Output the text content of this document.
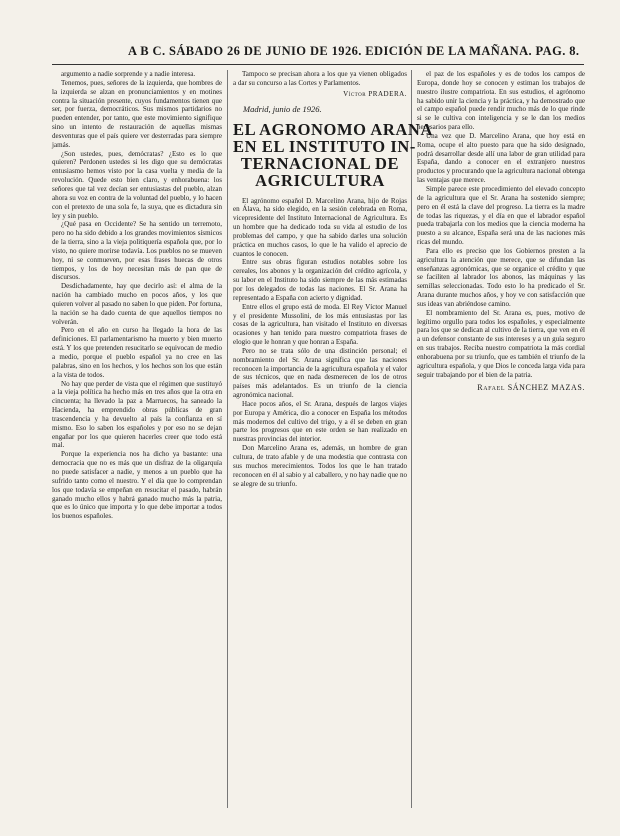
A B C. SÁBADO 26 DE JUNIO DE 1926. EDICIÓN DE LA MAÑANA. PAG. 8.

argumento a nadie sorprende y a nadie interesa.

Tenemos, pues, señores de la izquierda, que hombres de la izquierda se alzan en pronunciamientos y en motines contra la situación presente, cuyos fundamentos tienen que ser, por fuerza, democráticos. Sus mismos partidarios no pueden entender, por tanto, que este movimiento signifique sino un intento de restauración de aquellas mismas desventuras que el país quiere ver desterradas para siempre jamás.

¿Son ustedes, pues, demócratas? ¿Esto es lo que quieren? Perdonen ustedes si les digo que su demócratas entusiasmo hemos visto por la casa vuelta y media de la revolución. Quede esto bien claro, y enhorabuena: los señores que tal vez decían ser entusiastas del pueblo, alzan ahora su voz en contra de la voluntad del pueblo, y lo hacen con el pretexto de una sola fe, la suya, que es dictadura sin ley y sin pueblo.

¿Qué pasa en Occidente? Se ha sentido un terremoto, pero no ha sido debido a los grandes movimientos sísmicos de la tierra, sino a la vieja politiquería española que, por lo visto, no quiere morirse todavía. Los pueblos no se mueven hoy, ni se conmueven, por esas frases huecas de otros tiempos, y los de hoy necesitan más de pan que de discursos.

Desdichadamente, hay que decirlo así: el alma de la nación ha cambiado mucho en pocos años, y los que quieren volver al pasado no saben lo que piden. Por fortuna, la nación se ha dado cuenta de que aquellos tiempos no volverán.

Pero en el año en curso ha llegado la hora de las definiciones. El parlamentarismo ha muerto y bien muerto está. Y los que pretenden resucitarlo se equivocan de medio a medio, porque el pueblo español ya no cree en las palabras, sino en los hechos, y los hechos son los que están a la vista de todos.

No hay que perder de vista que el régimen que sustituyó a la vieja política ha hecho más en tres años que la otra en cincuenta; ha llevado la paz a Marruecos, ha saneado la Hacienda, ha emprendido obras públicas de gran trascendencia y ha devuelto al país la confianza en sí mismo. Eso lo saben los españoles y por eso no se dejan engañar por los que quieren hacerles creer que todo está mal.

Porque la experiencia nos ha dicho ya bastante: una democracia que no es más que un disfraz de la oligarquía no puede satisfacer a nadie, y menos a un pueblo que ha sufrido tanto como el nuestro. Y el día que lo comprendan los que todavía se empeñan en resucitar el pasado, habrán ganado mucho ellos y habrá ganado mucho más la patria, que es lo único que importa y lo que debe importar a todos los buenos españoles.

Tampoco se precisan ahora a los que ya vienen obligados a dar su concurso a las Cortes y Parlamentos.

Víctor PRADERA.
Madrid, junio de 1926.
EL AGRONOMO ARANA
EN EL INSTITUTO IN-
TERNACIONAL DE
AGRICULTURA

El agrónomo español D. Marcelino Arana, hijo de Rojas en Álava, ha sido elegido, en la sesión celebrada en Roma, vicepresidente del Instituto Internacional de Agricultura. Es un hombre que ha dedicado toda su vida al estudio de los problemas del campo, y que ha sabido darles una solución práctica en muchos casos, lo que le ha valido el aprecio de cuantos le conocen.

Entre sus obras figuran estudios notables sobre los cereales, los abonos y la organización del crédito agrícola, y su labor en el Instituto ha sido siempre de las más estimadas por los delegados de todas las naciones. El Sr. Arana ha representado a España con acierto y dignidad.

Entre ellos el grupo está de moda. El Rey Víctor Manuel y el presidente Mussolini, de los más entusiastas por las cosas de la agricultura, han visitado el Instituto en diversas ocasiones y han tenido para nuestro compatriota frases de elogio que le honran y que honran a España.

Pero no se trata sólo de una distinción personal; el nombramiento del Sr. Arana significa que las naciones reconocen la importancia de la agricultura española y el valor de sus técnicos, que en nada desmerecen de los de otros países más adelantados. Es un triunfo de la ciencia agronómica nacional.

Hace pocos años, el Sr. Arana, después de largos viajes por Europa y América, dio a conocer en España los métodos más modernos del cultivo del trigo, y a él se deben en gran parte los progresos que en este orden se han realizado en nuestras provincias del interior.

Don Marcelino Arana es, además, un hombre de gran cultura, de trato afable y de una modestia que contrasta con sus muchos merecimientos. Todos los que le han tratado reconocen en él al sabio y al caballero, y no hay nadie que no se alegre de su triunfo.

el paz de los españoles y es de todos los campos de Europa, donde hoy se conocen y estiman los trabajos de nuestro ilustre compatriota. En sus estudios, el agrónomo ha sabido unir la ciencia y la práctica, y ha demostrado que el campo español puede rendir mucho más de lo que rinde si se le cultiva con inteligencia y se le dan los medios necesarios para ello.

Una vez que D. Marcelino Arana, que hoy está en Roma, ocupe el alto puesto para que ha sido designado, podrá desarrollar desde allí una labor de gran utilidad para España, dando a conocer en el extranjero nuestros productos y procurando que la agricultura nacional obtenga las ventajas que merece.

Simple parece este procedimiento del elevado concepto de la agricultura que el Sr. Arana ha sostenido siempre; pero en él está la clave del progreso. La tierra es la madre de todas las riquezas, y el día en que el labrador español pueda trabajarla con los medios que la ciencia moderna ha puesto a su alcance, España será una de las naciones más ricas del mundo.

Para ello es preciso que los Gobiernos presten a la agricultura la atención que merece, que se difundan las enseñanzas agronómicas, que se organice el crédito y que se faciliten al labrador los abonos, las máquinas y las semillas seleccionadas. Todo esto lo ha predicado el Sr. Arana durante muchos años, y hoy ve con satisfacción que sus ideas van abriéndose camino.

El nombramiento del Sr. Arana es, pues, motivo de legítimo orgullo para todos los españoles, y especialmente para los que se dedican al cultivo de la tierra, que ven en él a un defensor constante de sus intereses y a un guía seguro en sus trabajos. Reciba nuestro compatriota la más cordial enhorabuena por su triunfo, que es también el triunfo de la agricultura española, y que Dios le conceda larga vida para seguir trabajando por el bien de la patria.

Rafael SÁNCHEZ MAZAS.
